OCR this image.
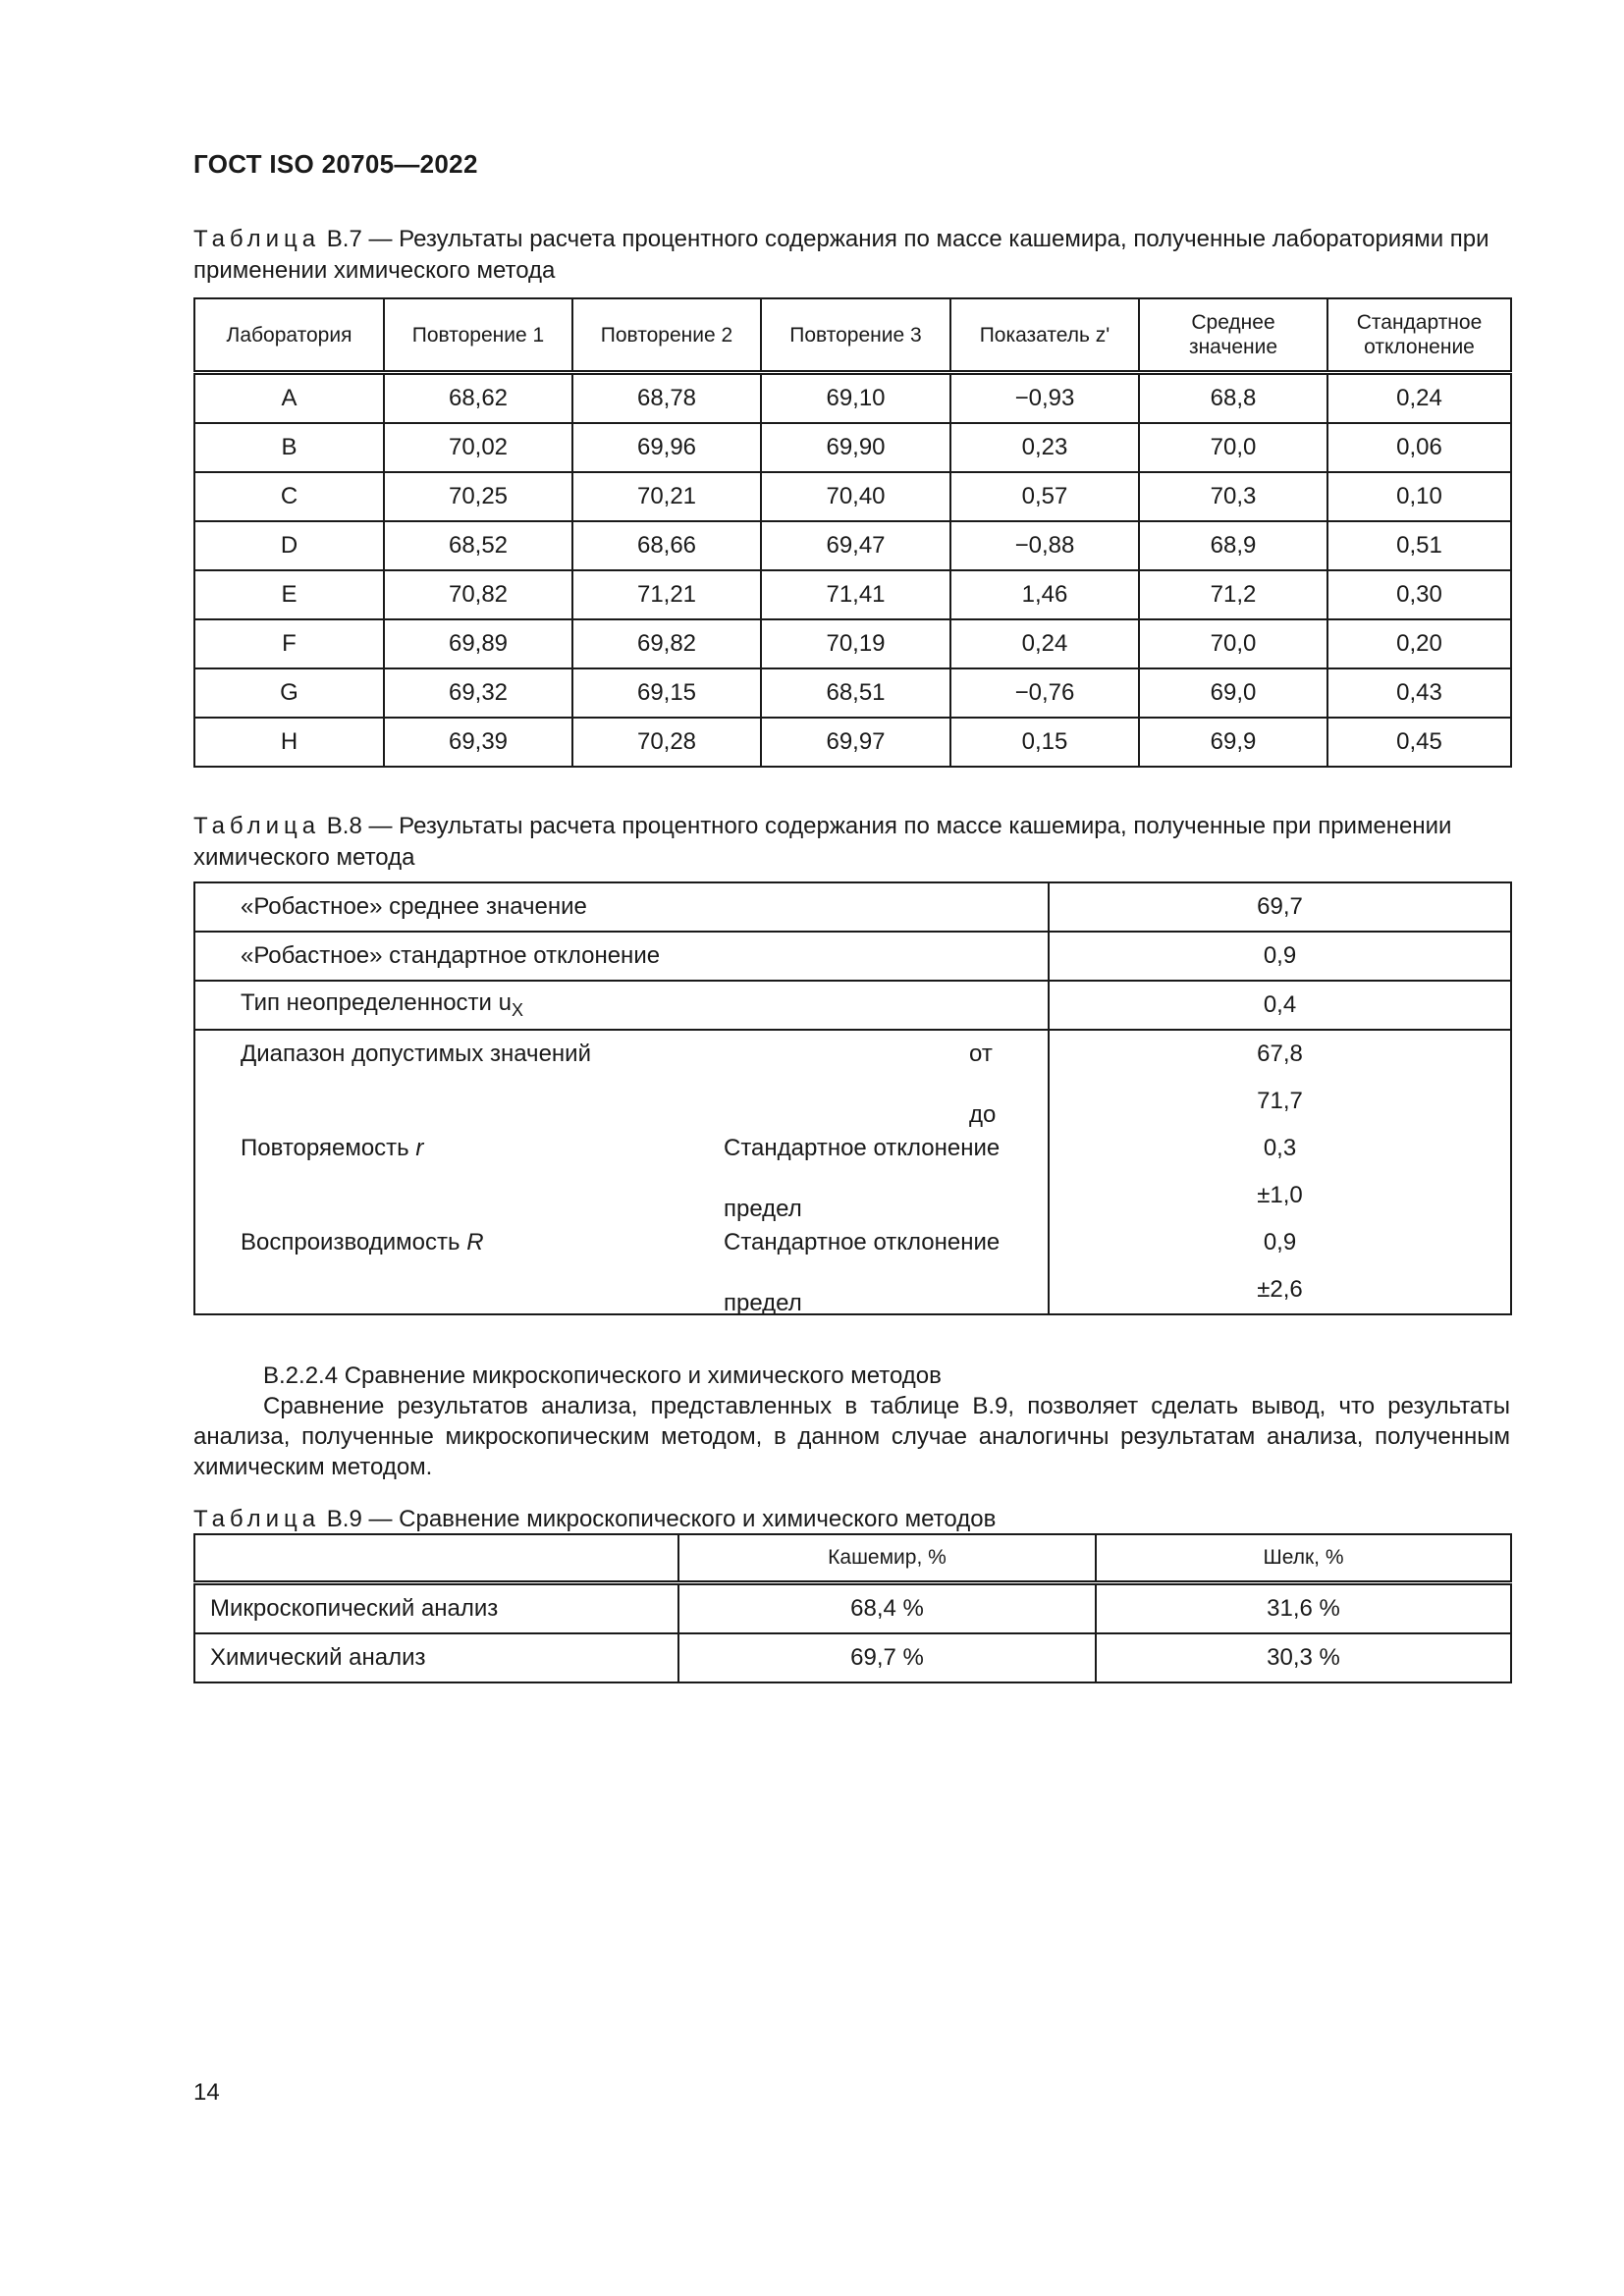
ГОСТ ISO 20705—2022
Таблица В.7 — Результаты расчета процентного содержания по массе кашемира, полученные лабораториями при применении химического метода
Лаборатория	Повторение 1	Повторение 2	Повторение 3	Показатель z'	Среднее значение	Стандартное отклонение
A	68,62	68,78	69,10	−0,93	68,8	0,24
B	70,02	69,96	69,90	0,23	70,0	0,06
C	70,25	70,21	70,40	0,57	70,3	0,10
D	68,52	68,66	69,47	−0,88	68,9	0,51
E	70,82	71,21	71,41	1,46	71,2	0,30
F	69,89	69,82	70,19	0,24	70,0	0,20
G	69,32	69,15	68,51	−0,76	69,0	0,43
H	69,39	70,28	69,97	0,15	69,9	0,45
Таблица В.8 — Результаты расчета процентного содержания по массе кашемира, полученные при применении химического метода
«Робастное» среднее значение	69,7
«Робастное» стандартное отклонение	0,9
Тип неопределенности $u_X$	0,4
Диапазон допустимых значений от	67,8

до	71,7
Повторяемость r Стандартное отклонение	0,3

предел	±1,0
Воспроизводимость R Стандартное отклонение	0,9

предел	±2,6
В.2.2.4 Сравнение микроскопического и химического методов
Сравнение результатов анализа, представленных в таблице В.9, позволяет сделать вывод, что результаты анализа, полученные микроскопическим методом, в данном случае аналогичны результатам анализа, полученным химическим методом.
Таблица В.9 — Сравнение микроскопического и химического методов
	Кашемир, %	Шелк, %
Микроскопический анализ	68,4 %	31,6 %
Химический анализ	69,7 %	30,3 %
14
